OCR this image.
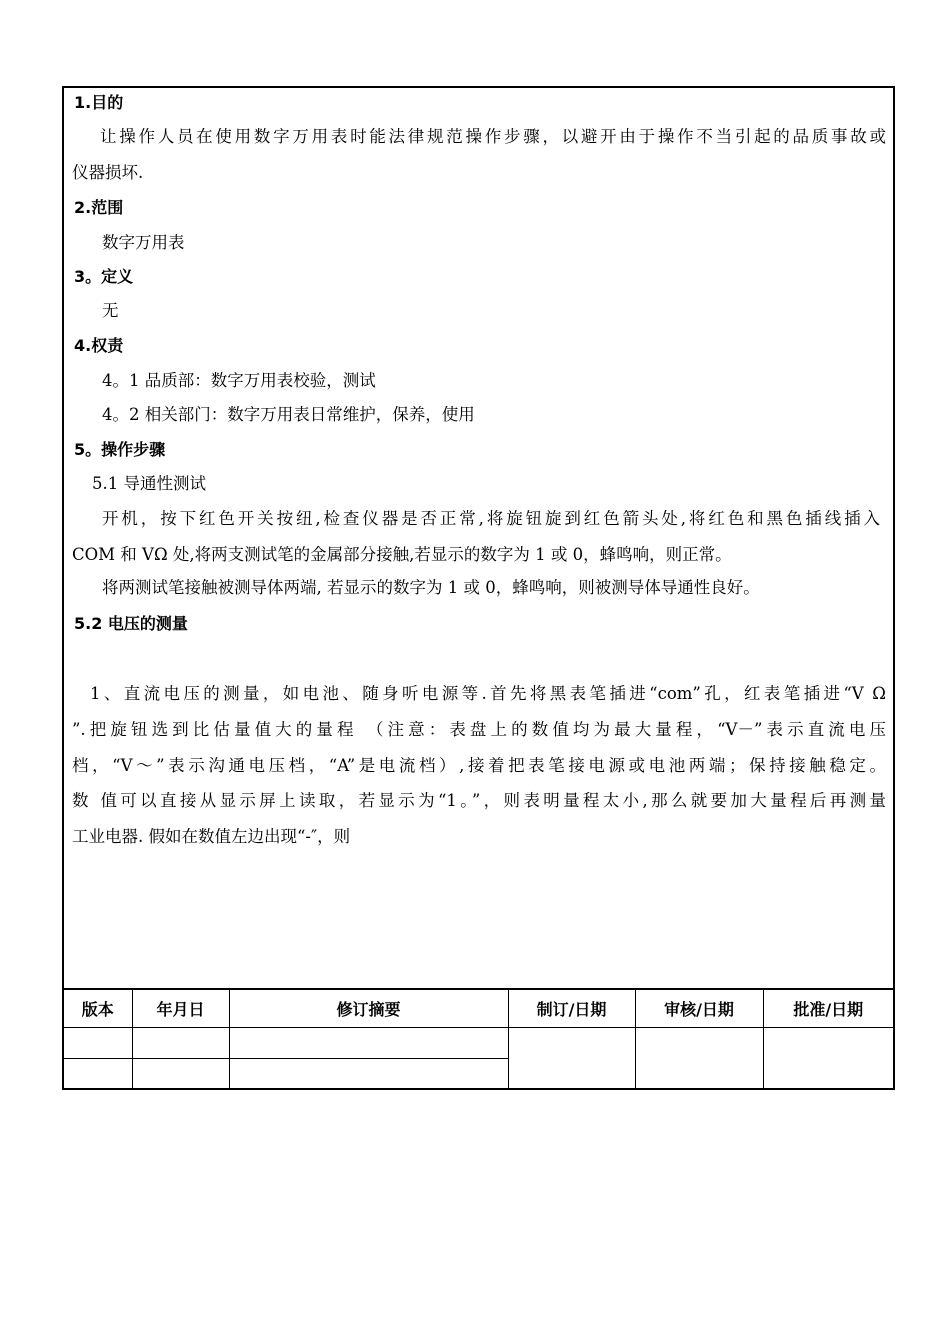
1.目的
让操作人员在使用数字万用表时能法律规范操作步骤，以避开由于操作不当引起的品质事故或
仪器损坏.
2.范围
数字万用表
3。定义
无
4.权责
4。1 品质部：数字万用表校验，测试
4。2 相关部门：数字万用表日常维护，保养，使用
5。操作步骤
5.1 导通性测试
开机，按下红色开关按纽,检查仪器是否正常,将旋钮旋到红色箭头处,将红色和黑色插线插入
COM 和 VΩ 处,将两支测试笔的金属部分接触,若显示的数字为 1 或 0，蜂鸣响，则正常。
将两测试笔接触被测导体两端, 若显示的数字为 1 或 0，蜂鸣响，则被测导体导通性良好。
5.2 电压的测量
1、直流电压的测量，如电池、随身听电源等.首先将黑表笔插进“com”孔，红表笔插进“V Ω
”.把旋钮选到比估量值大的量程 （注意：表盘上的数值均为最大量程，“V－”表示直流电压
档，“V～”表示沟通电压档，“A”是电流档）,接着把表笔接电源或电池两端；保持接触稳定。
数 值可以直接从显示屏上读取，若显示为“1。”，则表明量程太小,那么就要加大量程后再测量
工业电器. 假如在数值左边出现“-″，则
版本	年月日	修订摘要	制订/日期	审核/日期	批准/日期
